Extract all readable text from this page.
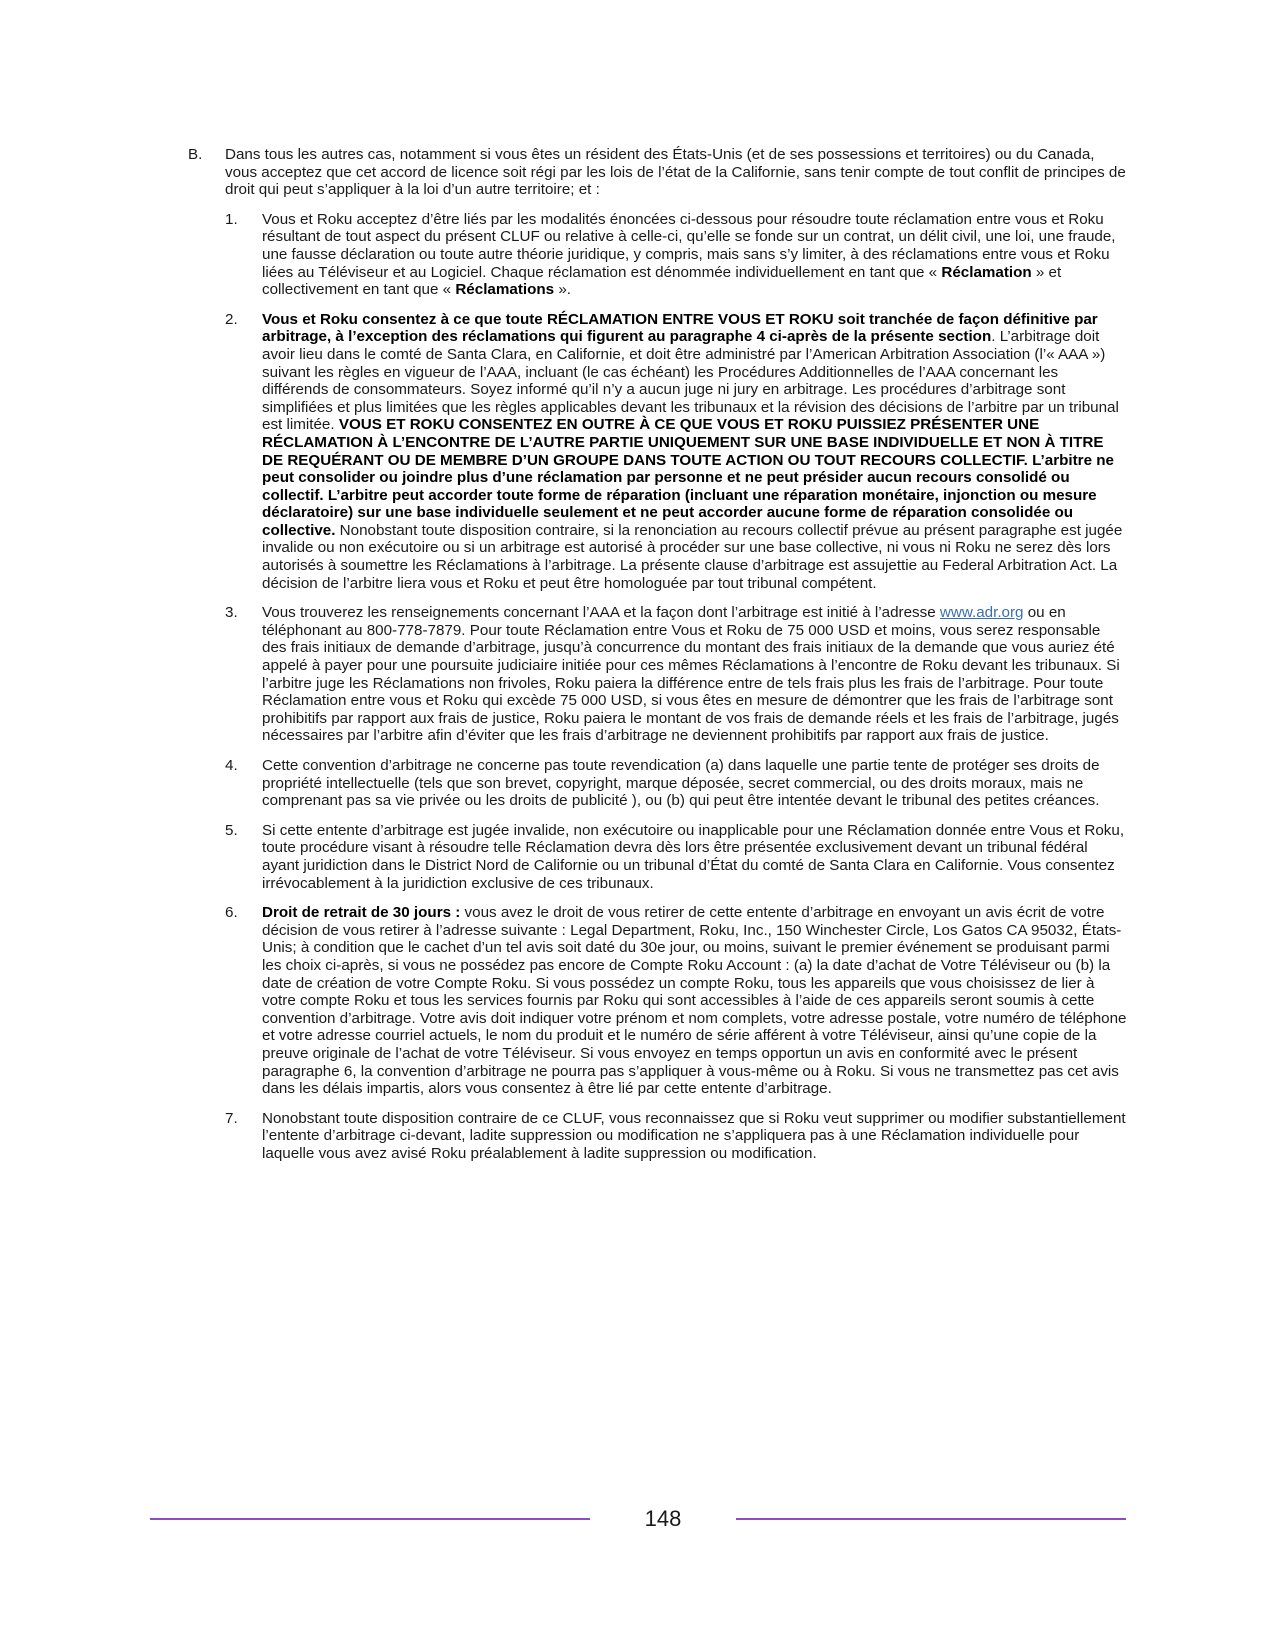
B.	Dans tous les autres cas, notamment si vous êtes un résident des États-Unis (et de ses possessions et territoires) ou du Canada, vous acceptez que cet accord de licence soit régi par les lois de l’état de la Californie, sans tenir compte de tout conflit de principes de droit qui peut s’appliquer à la loi d’un autre territoire; et :
1.	Vous et Roku acceptez d’être liés par les modalités énoncées ci-dessous pour résoudre toute réclamation entre vous et Roku résultant de tout aspect du présent CLUF ou relative à celle-ci, qu’elle se fonde sur un contrat, un délit civil, une loi, une fraude, une fausse déclaration ou toute autre théorie juridique, y compris, mais sans s’y limiter, à des réclamations entre vous et Roku liées au Téléviseur et au Logiciel. Chaque réclamation est dénommée individuellement en tant que « Réclamation » et collectivement en tant que « Réclamations ».
2.	Vous et Roku consentez à ce que toute RÉCLAMATION ENTRE VOUS ET ROKU soit tranchée de façon définitive par arbitrage, à l’exception des réclamations qui figurent au paragraphe 4 ci-après de la présente section. L’arbitrage doit avoir lieu dans le comté de Santa Clara, en Californie, et doit être administré par l’American Arbitration Association (l’« AAA ») suivant les règles en vigueur de l’AAA, incluant (le cas échéant) les Procédures Additionnelles de l’AAA concernant les différends de consommateurs. Soyez informé qu’il n’y a aucun juge ni jury en arbitrage. Les procédures d’arbitrage sont simplifiées et plus limitées que les règles applicables devant les tribunaux et la révision des décisions de l’arbitre par un tribunal est limitée. VOUS ET ROKU CONSENTEZ EN OUTRE À CE QUE VOUS ET ROKU PUISSIEZ PRÉSENTER UNE RÉCLAMATION À L’ENCONTRE DE L’AUTRE PARTIE UNIQUEMENT SUR UNE BASE INDIVIDUELLE ET NON À TITRE DE REQUÉRANT OU DE MEMBRE D’UN GROUPE DANS TOUTE ACTION OU TOUT RECOURS COLLECTIF. L’arbitre ne peut consolider ou joindre plus d’une réclamation par personne et ne peut présider aucun recours consolidé ou collectif. L’arbitre peut accorder toute forme de réparation (incluant une réparation monétaire, injonction ou mesure déclaratoire) sur une base individuelle seulement et ne peut accorder aucune forme de réparation consolidée ou collective. Nonobstant toute disposition contraire, si la renonciation au recours collectif prévue au présent paragraphe est jugée invalide ou non exécutoire ou si un arbitrage est autorisé à procéder sur une base collective, ni vous ni Roku ne serez dès lors autorisés à soumettre les Réclamations à l’arbitrage. La présente clause d’arbitrage est assujettie au Federal Arbitration Act. La décision de l’arbitre liera vous et Roku et peut être homologuée par tout tribunal compétent.
3.	Vous trouverez les renseignements concernant l’AAA et la façon dont l’arbitrage est initié à l’adresse www.adr.org ou en téléphonant au 800-778-7879. Pour toute Réclamation entre Vous et Roku de 75 000 USD et moins, vous serez responsable des frais initiaux de demande d’arbitrage, jusqu’à concurrence du montant des frais initiaux de la demande que vous auriez été appelé à payer pour une poursuite judiciaire initiée pour ces mêmes Réclamations à l’encontre de Roku devant les tribunaux. Si l’arbitre juge les Réclamations non frivoles, Roku paiera la différence entre de tels frais plus les frais de l’arbitrage. Pour toute Réclamation entre vous et Roku qui excède 75 000 USD, si vous êtes en mesure de démontrer que les frais de l’arbitrage sont prohibitifs par rapport aux frais de justice, Roku paiera le montant de vos frais de demande réels et les frais de l’arbitrage, jugés nécessaires par l’arbitre afin d’éviter que les frais d’arbitrage ne deviennent prohibitifs par rapport aux frais de justice.
4.	Cette convention d’arbitrage ne concerne pas toute revendication (a) dans laquelle une partie tente de protéger ses droits de propriété intellectuelle (tels que son brevet, copyright, marque déposée, secret commercial, ou des droits moraux, mais ne comprenant pas sa vie privée ou les droits de publicité ), ou (b) qui peut être intentée devant le tribunal des petites créances.
5.	Si cette entente d’arbitrage est jugée invalide, non exécutoire ou inapplicable pour une Réclamation donnée entre Vous et Roku, toute procédure visant à résoudre telle Réclamation devra dès lors être présentée exclusivement devant un tribunal fédéral ayant juridiction dans le District Nord de Californie ou un tribunal d’État du comté de Santa Clara en Californie. Vous consentez irrévocablement à la juridiction exclusive de ces tribunaux.
6.	Droit de retrait de 30 jours : vous avez le droit de vous retirer de cette entente d’arbitrage en envoyant un avis écrit de votre décision de vous retirer à l’adresse suivante : Legal Department, Roku, Inc., 150 Winchester Circle, Los Gatos CA 95032, États-Unis; à condition que le cachet d’un tel avis soit daté du 30e jour, ou moins, suivant le premier événement se produisant parmi les choix ci-après, si vous ne possédez pas encore de Compte Roku Account : (a) la date d’achat de Votre Téléviseur ou (b) la date de création de votre Compte Roku. Si vous possédez un compte Roku, tous les appareils que vous choisissez de lier à votre compte Roku et tous les services fournis par Roku qui sont accessibles à l’aide de ces appareils seront soumis à cette convention d’arbitrage. Votre avis doit indiquer votre prénom et nom complets, votre adresse postale, votre numéro de téléphone et votre adresse courriel actuels, le nom du produit et le numéro de série afférent à votre Téléviseur, ainsi qu’une copie de la preuve originale de l’achat de votre Téléviseur. Si vous envoyez en temps opportun un avis en conformité avec le présent paragraphe 6, la convention d’arbitrage ne pourra pas s’appliquer à vous-même ou à Roku. Si vous ne transmettez pas cet avis dans les délais impartis, alors vous consentez à être lié par cette entente d’arbitrage.
7.	Nonobstant toute disposition contraire de ce CLUF, vous reconnaissez que si Roku veut supprimer ou modifier substantiellement l’entente d’arbitrage ci-devant, ladite suppression ou modification ne s’appliquera pas à une Réclamation individuelle pour laquelle vous avez avisé Roku préalablement à ladite suppression ou modification.
148
